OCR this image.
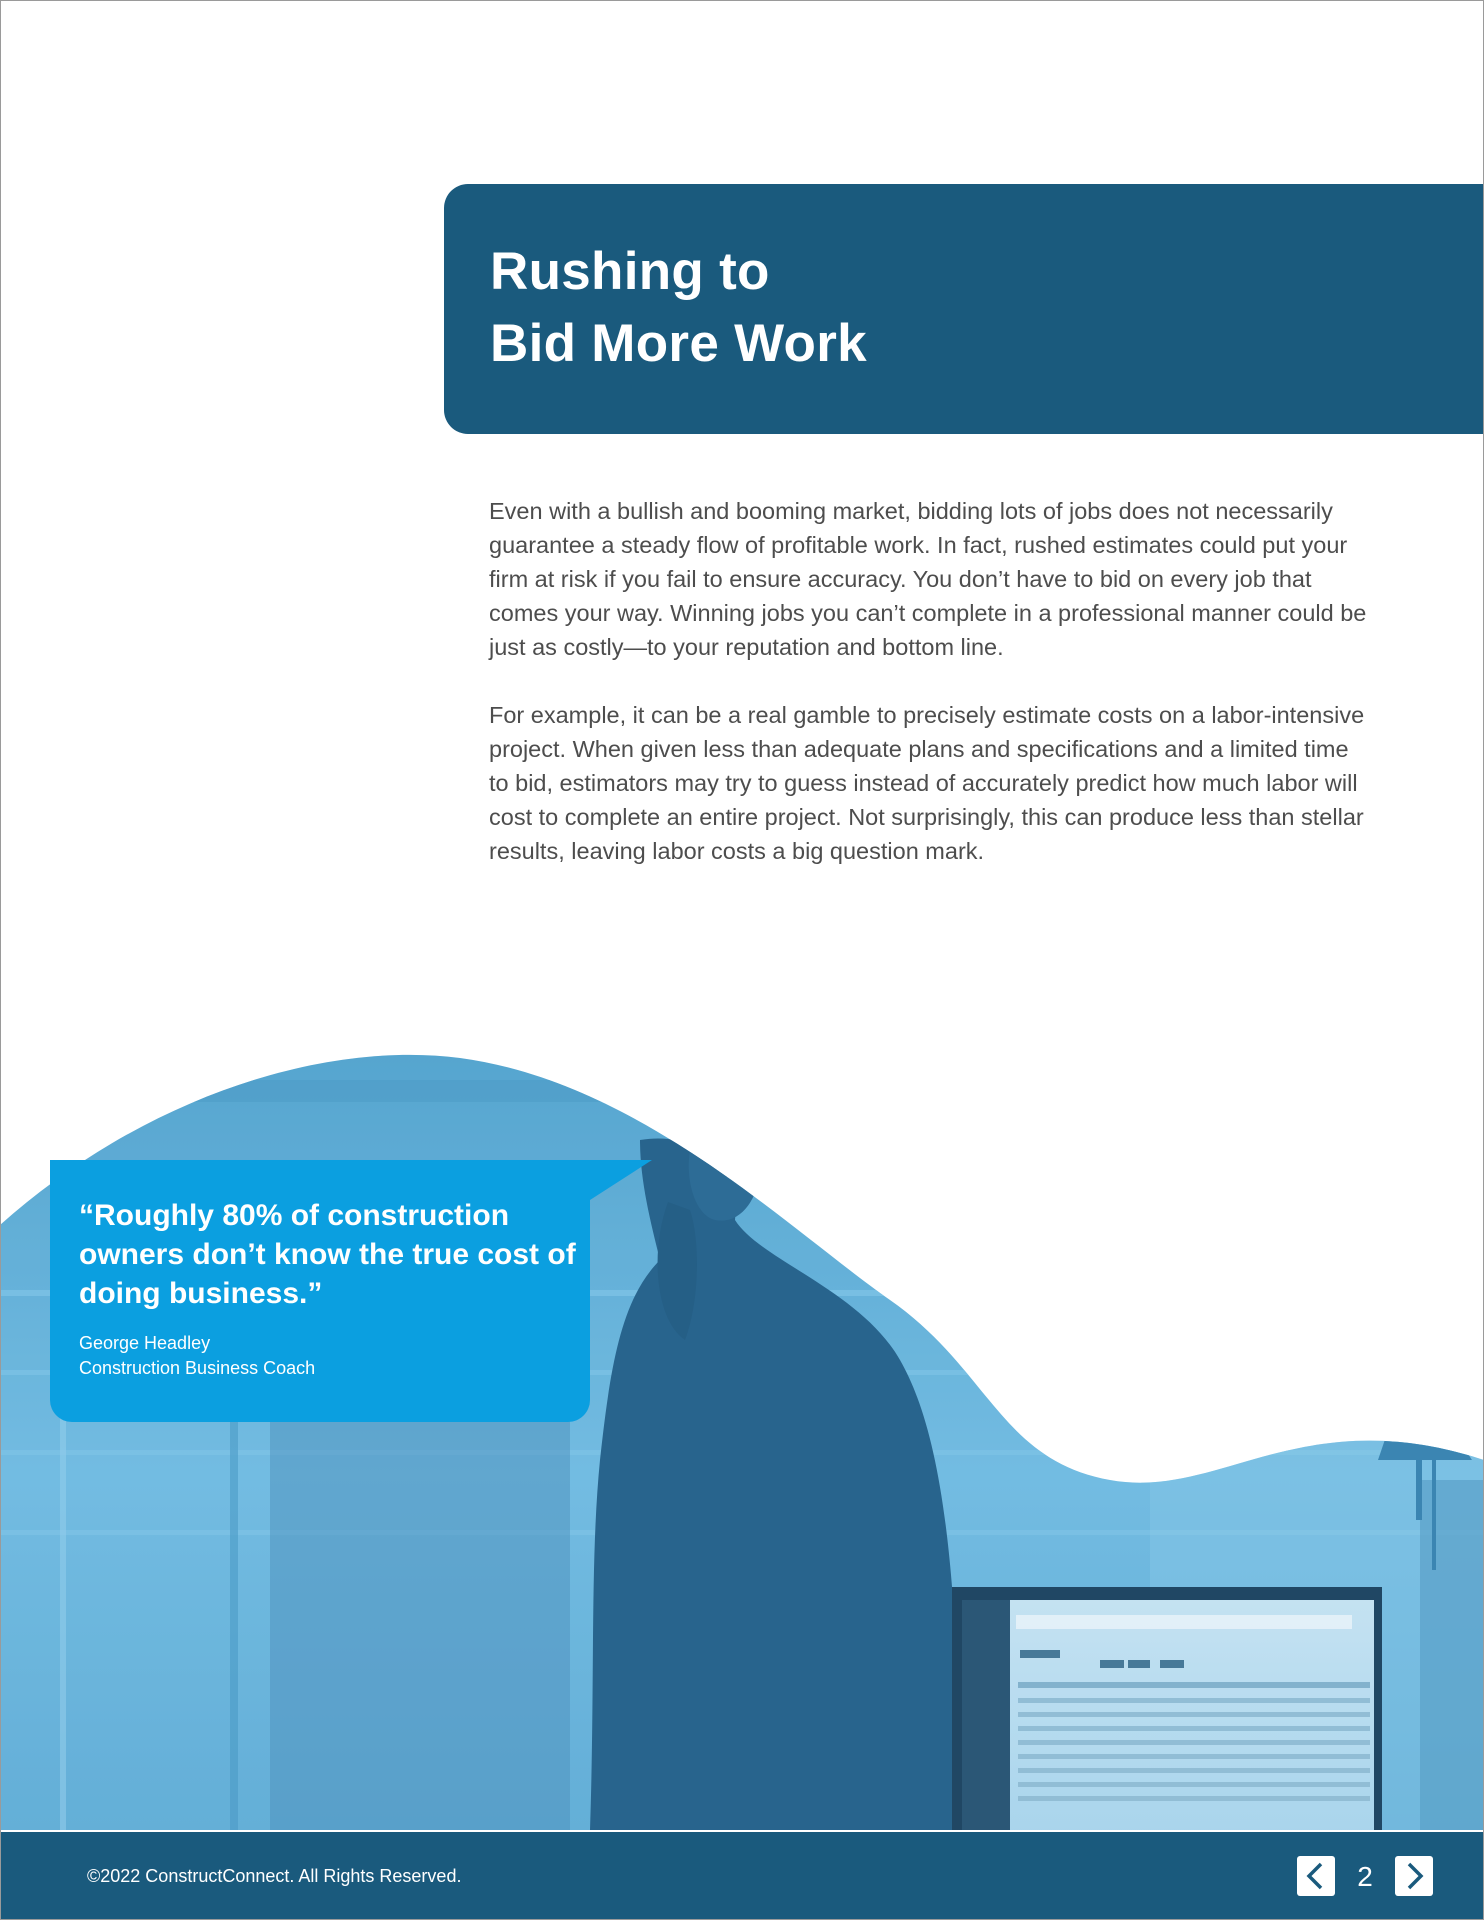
Rushing to
Bid More Work

Even with a bullish and booming market, bidding lots of jobs does not necessarily guarantee a steady flow of profitable work. In fact, rushed estimates could put your firm at risk if you fail to ensure accuracy. You don’t have to bid on every job that comes your way. Winning jobs you can’t complete in a professional manner could be just as costly—to your reputation and bottom line.

For example, it can be a real gamble to precisely estimate costs on a labor-intensive project. When given less than adequate plans and specifications and a limited time to bid, estimators may try to guess instead of accurately predict how much labor will cost to complete an entire project. Not surprisingly, this can produce less than stellar results, leaving labor costs a big question mark.

“Roughly 80% of construction owners don’t know the true cost of doing business.”

George Headley
Construction Business Coach
©2022 ConstructConnect. All Rights Reserved.	2
